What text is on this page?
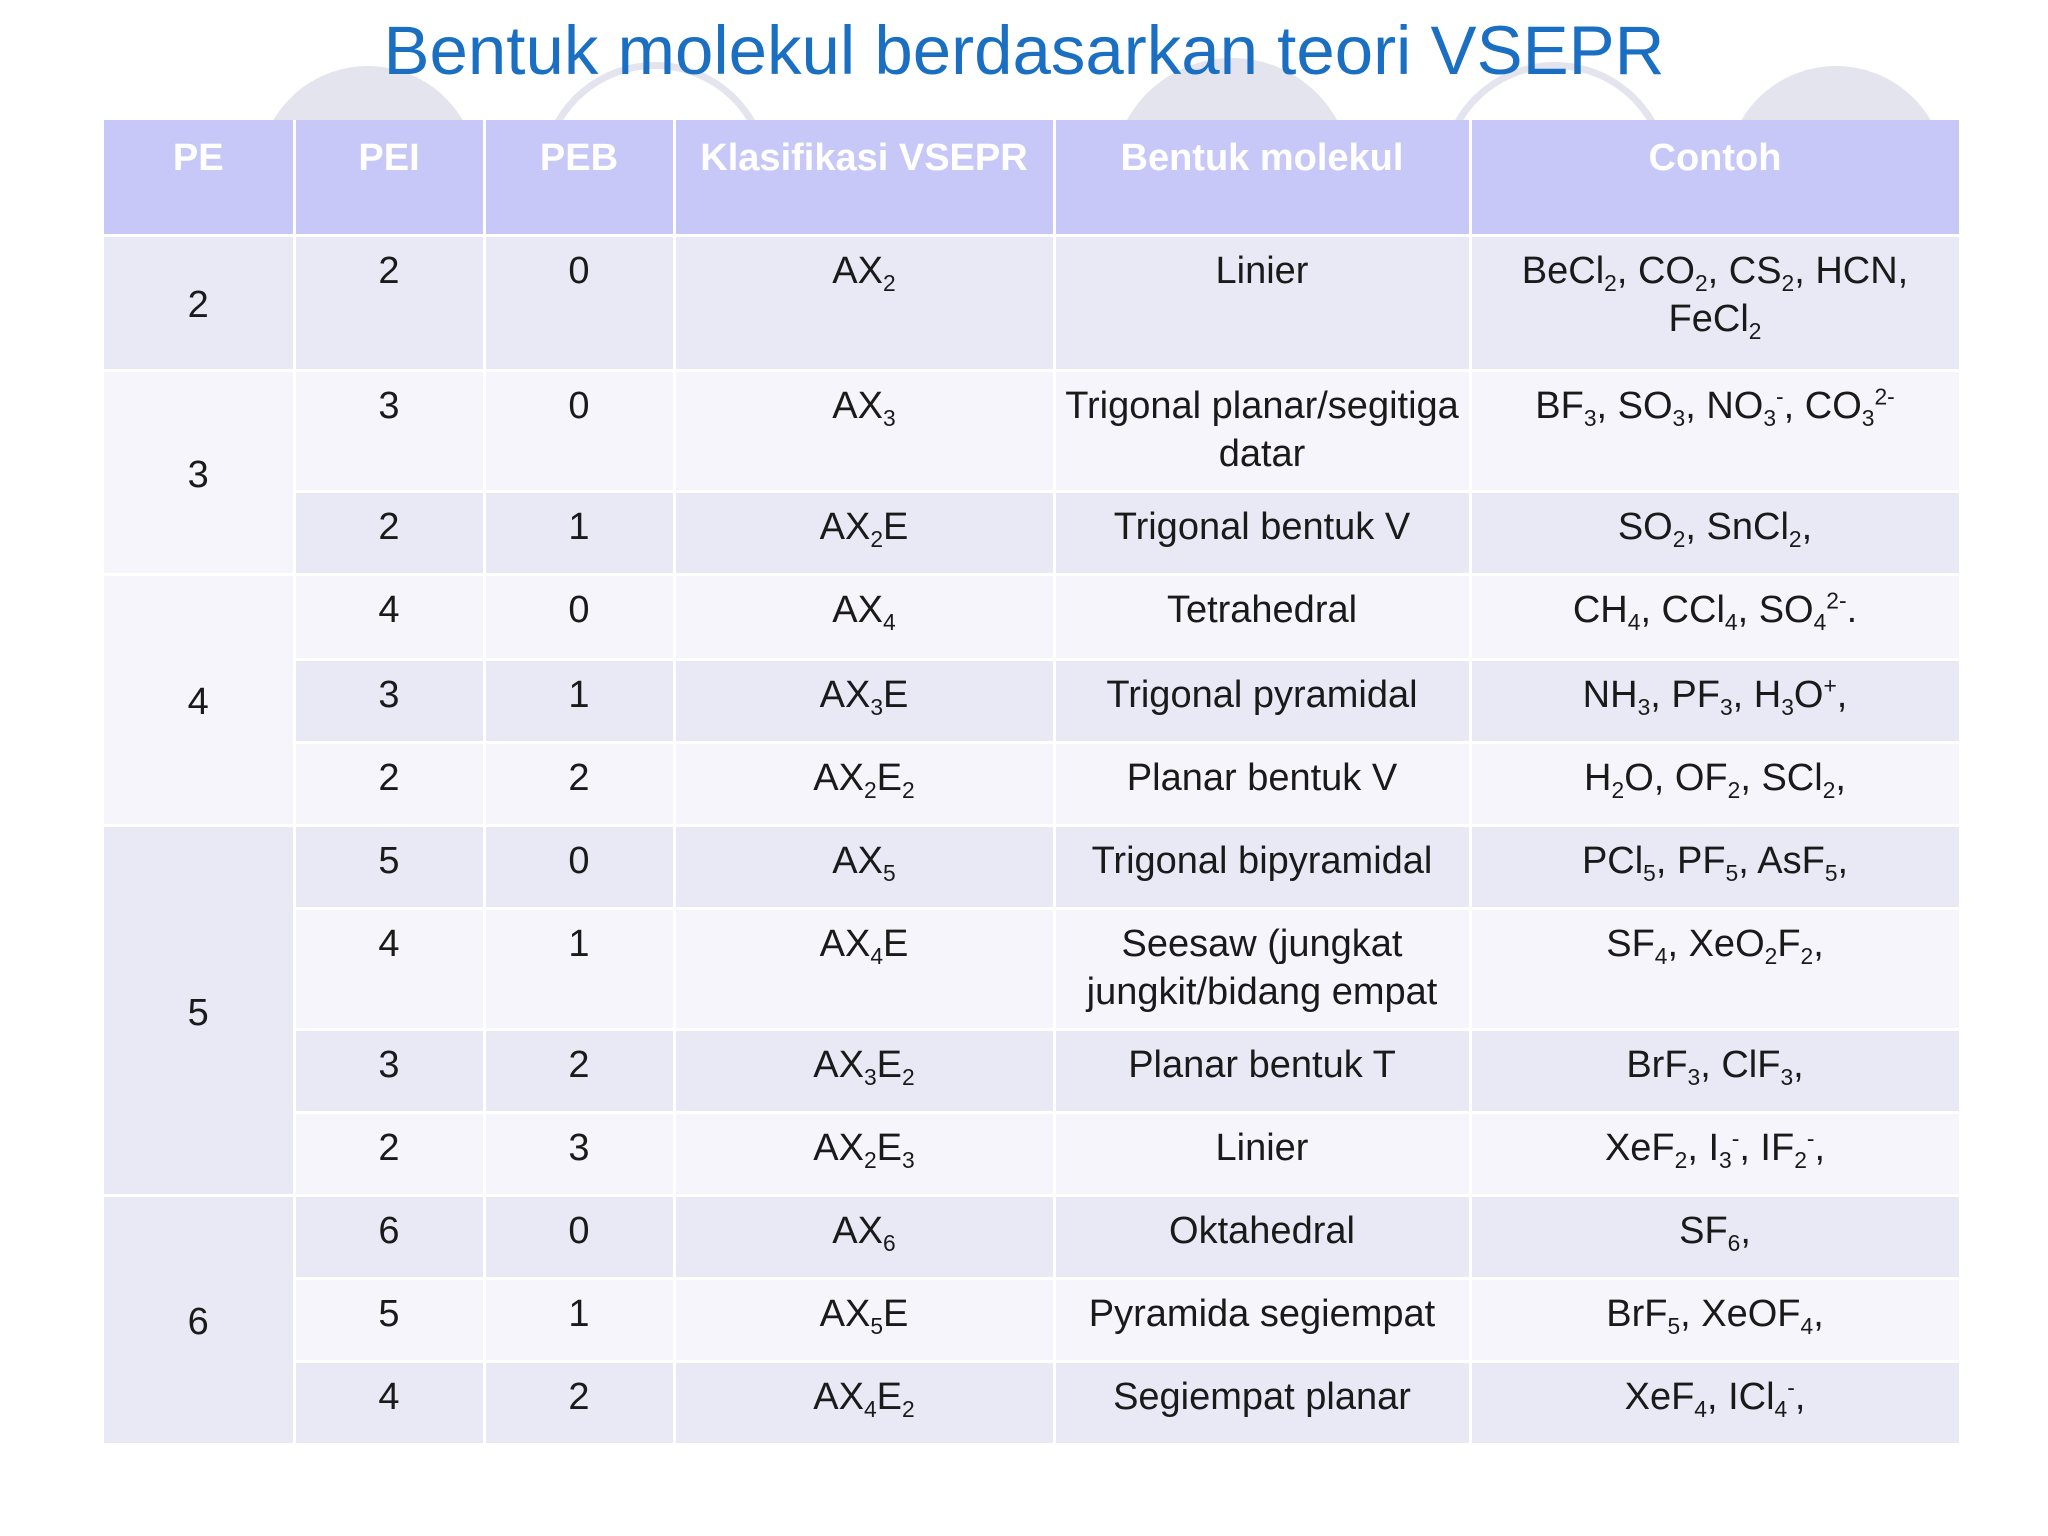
Bentuk molekul berdasarkan teori VSEPR
PE	PEI	PEB	Klasifikasi VSEPR	Bentuk molekul	Contoh
2	2	0	$AX_2$	Linier	BeCl$_2$, $CO_2$, $CS_2$, HCN, FeCl$_2$
3	3	0	$AX_3$	Trigonal planar/segitiga datar	$BF_3$, $SO_3$, $NO_3^-$, $CO_3^{2-}$
	2	1	$AX_2E$	Trigonal bentuk V	$SO_2$, SnCl$_2$,
4	4	0	$AX_4$	Tetrahedral	$CH_4$, CCl$_4$, $SO_4^{2-}$.
	3	1	$AX_3E$	Trigonal pyramidal	$NH_3$, $PF_3$, $H_3O^+$,
	2	2	$AX_2E_2$	Planar bentuk V	$H_2O$, $OF_2$, SCl$_2$,
5	5	0	$AX_5$	Trigonal bipyramidal	PCl$_5$, $PF_5$, AsF$_5$,
	4	1	$AX_4E$	Seesaw (jungkat jungkit/bidang empat	$SF_4$, $XeO_2F_2$,
	3	2	$AX_3E_2$	Planar bentuk T	BrF$_3$, ClF$_3$,
	2	3	$AX_2E_3$	Linier	XeF$_2$, $I_3^-$, $IF_2^-$,
6	6	0	$AX_6$	Oktahedral	$SF_6$,
	5	1	$AX_5E$	Pyramida segiempat	BrF$_5$, XeOF$_4$,
	4	2	$AX_4E_2$	Segiempat planar	XeF$_4$, ICl$_4$-,
